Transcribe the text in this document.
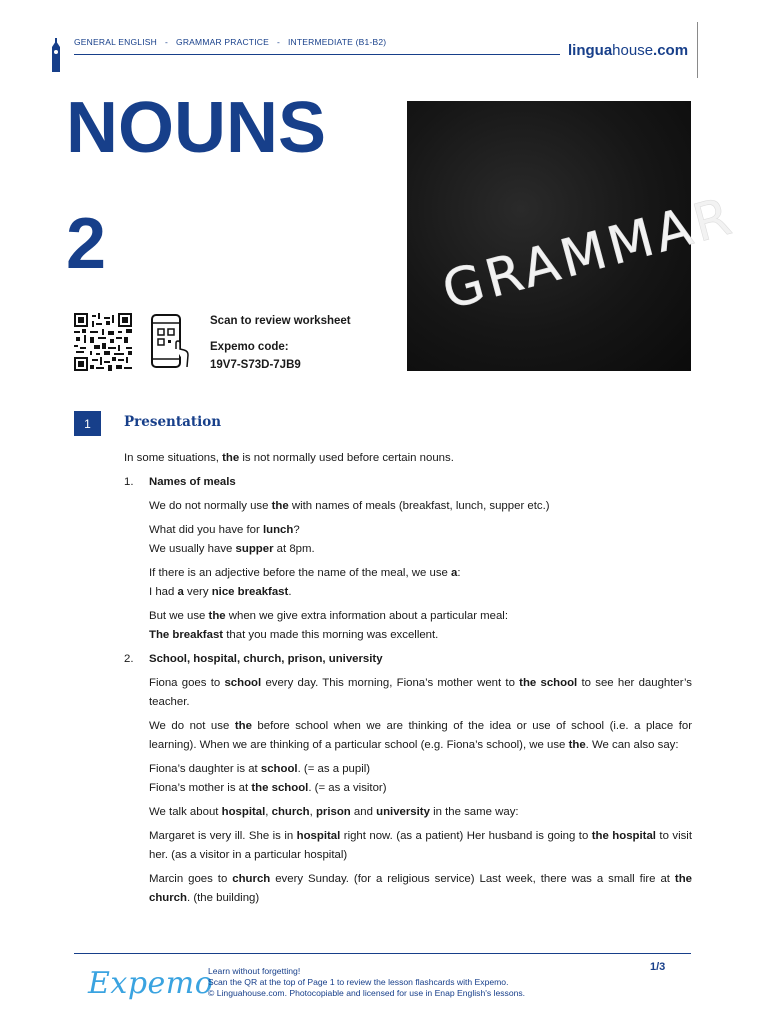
GENERAL ENGLISH - GRAMMAR PRACTICE - INTERMEDIATE (B1-B2)	linguahouse.com
NOUNS
2	GRAMMAR
Scan to review worksheet
Expemo code:
19V7-S73D-7JB9
1	Presentation

In some situations, the is not normally used before certain nouns.

1.	Names of meals

We do not normally use the with names of meals (breakfast, lunch, supper etc.)

What did you have for lunch?
We usually have supper at 8pm.

If there is an adjective before the name of the meal, we use a:
I had a very nice breakfast.

But we use the when we give extra information about a particular meal:
The breakfast that you made this morning was excellent.

2.	School, hospital, church, prison, university

Fiona goes to school every day. This morning, Fiona’s mother went to the school to see her daughter’s teacher.

We do not use the before school when we are thinking of the idea or use of school (i.e. a place for learning). When we are thinking of a particular school (e.g. Fiona’s school), we use the. We can also say:

Fiona’s daughter is at school. (= as a pupil)
Fiona’s mother is at the school. (= as a visitor)

We talk about hospital, church, prison and university in the same way:

Margaret is very ill. She is in hospital right now. (as a patient) Her husband is going to the hospital to visit her. (as a visitor in a particular hospital)

Marcin goes to church every Sunday. (for a religious service) Last week, there was a small fire at the church. (the building)

Expemo
Learn without forgetting!
Scan the QR at the top of Page 1 to review the lesson flashcards with Expemo.
© Linguahouse.com. Photocopiable and licensed for use in Enap English's lessons.
1/3
